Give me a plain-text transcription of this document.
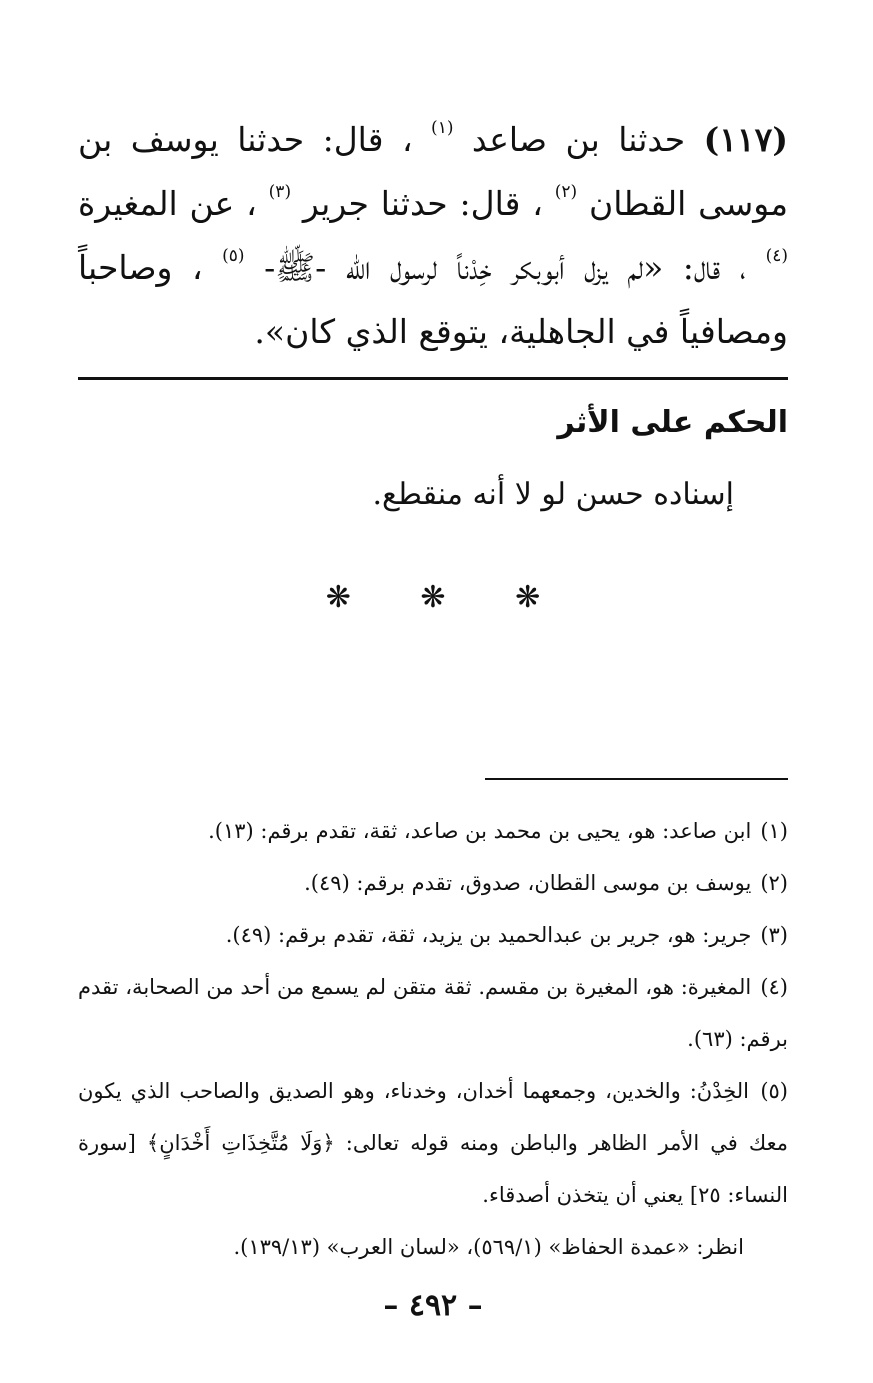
(١١٧) حدثنا بن صاعد $^{(١)}$ ، قال: حدثنا يوسف بن موسى القطان $^{(٢)}$ ، قال: حدثنا جرير $^{(٣)}$ ، عن المغيرة $^{(٤)}$ ، قال: «لم يزل أبوبكر خِدْناً لرسول اللّه -ﷺ- $^{(٥)}$ ، وصاحباً ومصافياً في الجاهلية، يتوقع الذي كان».
الحكم على الأثر
إسناده حسن لو لا أنه منقطع.
❋ ❋ ❋

(١) ابن صاعد: هو، يحيى بن محمد بن صاعد، ثقة، تقدم برقم: (١٣).

(٢) يوسف بن موسى القطان، صدوق، تقدم برقم: (٤٩).

(٣) جرير: هو، جرير بن عبدالحميد بن يزيد، ثقة، تقدم برقم: (٤٩).

(٤) المغيرة: هو، المغيرة بن مقسم. ثقة متقن لم يسمع من أحد من الصحابة، تقدم برقم: (٦٣).

(٥) الخِدْنُ: والخدين، وجمعهما أخدان، وخدناء، وهو الصديق والصاحب الذي يكون معك في الأمر الظاهر والباطن ومنه قوله تعالى: ﴿وَلَا مُتَّخِذَاتِ أَخْدَانٍ﴾ [سورة النساء: ٢٥] يعني أن يتخذن أصدقاء.

انظر: «عمدة الحفاظ» (٥٦٩/١)، «لسان العرب» (١٣٩/١٣).

– ٤٩٢ –
